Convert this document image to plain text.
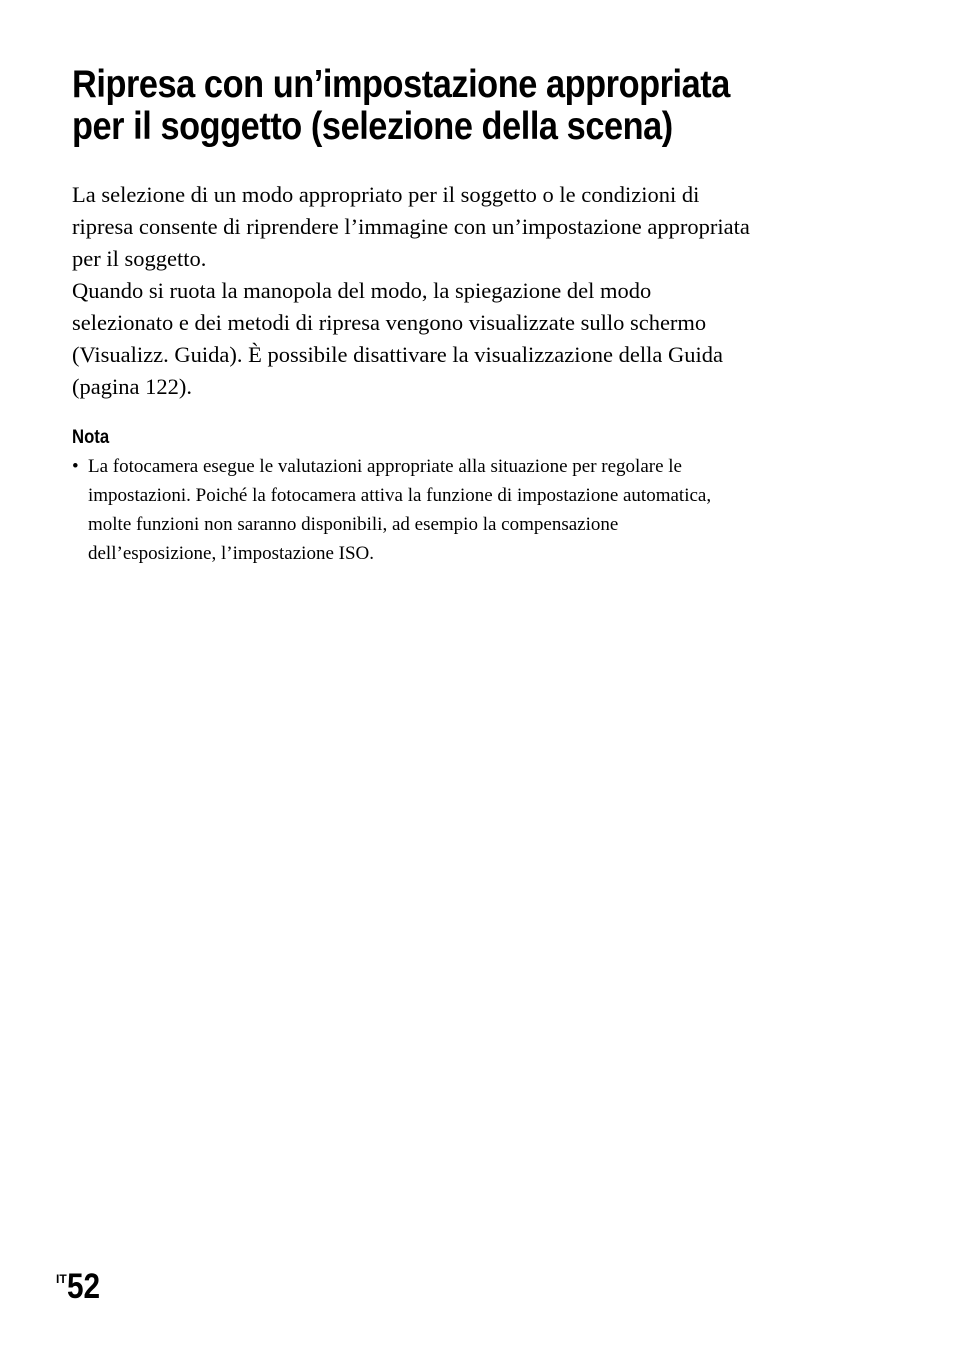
Ripresa con un’impostazione appropriata
per il soggetto (selezione della scena)
La selezione di un modo appropriato per il soggetto o le condizioni di
ripresa consente di riprendere l’immagine con un’impostazione appropriata
per il soggetto.
Quando si ruota la manopola del modo, la spiegazione del modo
selezionato e dei metodi di ripresa vengono visualizzate sullo schermo
(Visualizz. Guida). È possibile disattivare la visualizzazione della Guida
(pagina 122).
Nota
• La fotocamera esegue le valutazioni appropriate alla situazione per regolare le
impostazioni. Poiché la fotocamera attiva la funzione di impostazione automatica,
molte funzioni non saranno disponibili, ad esempio la compensazione
dell’esposizione, l’impostazione ISO.
IT52
